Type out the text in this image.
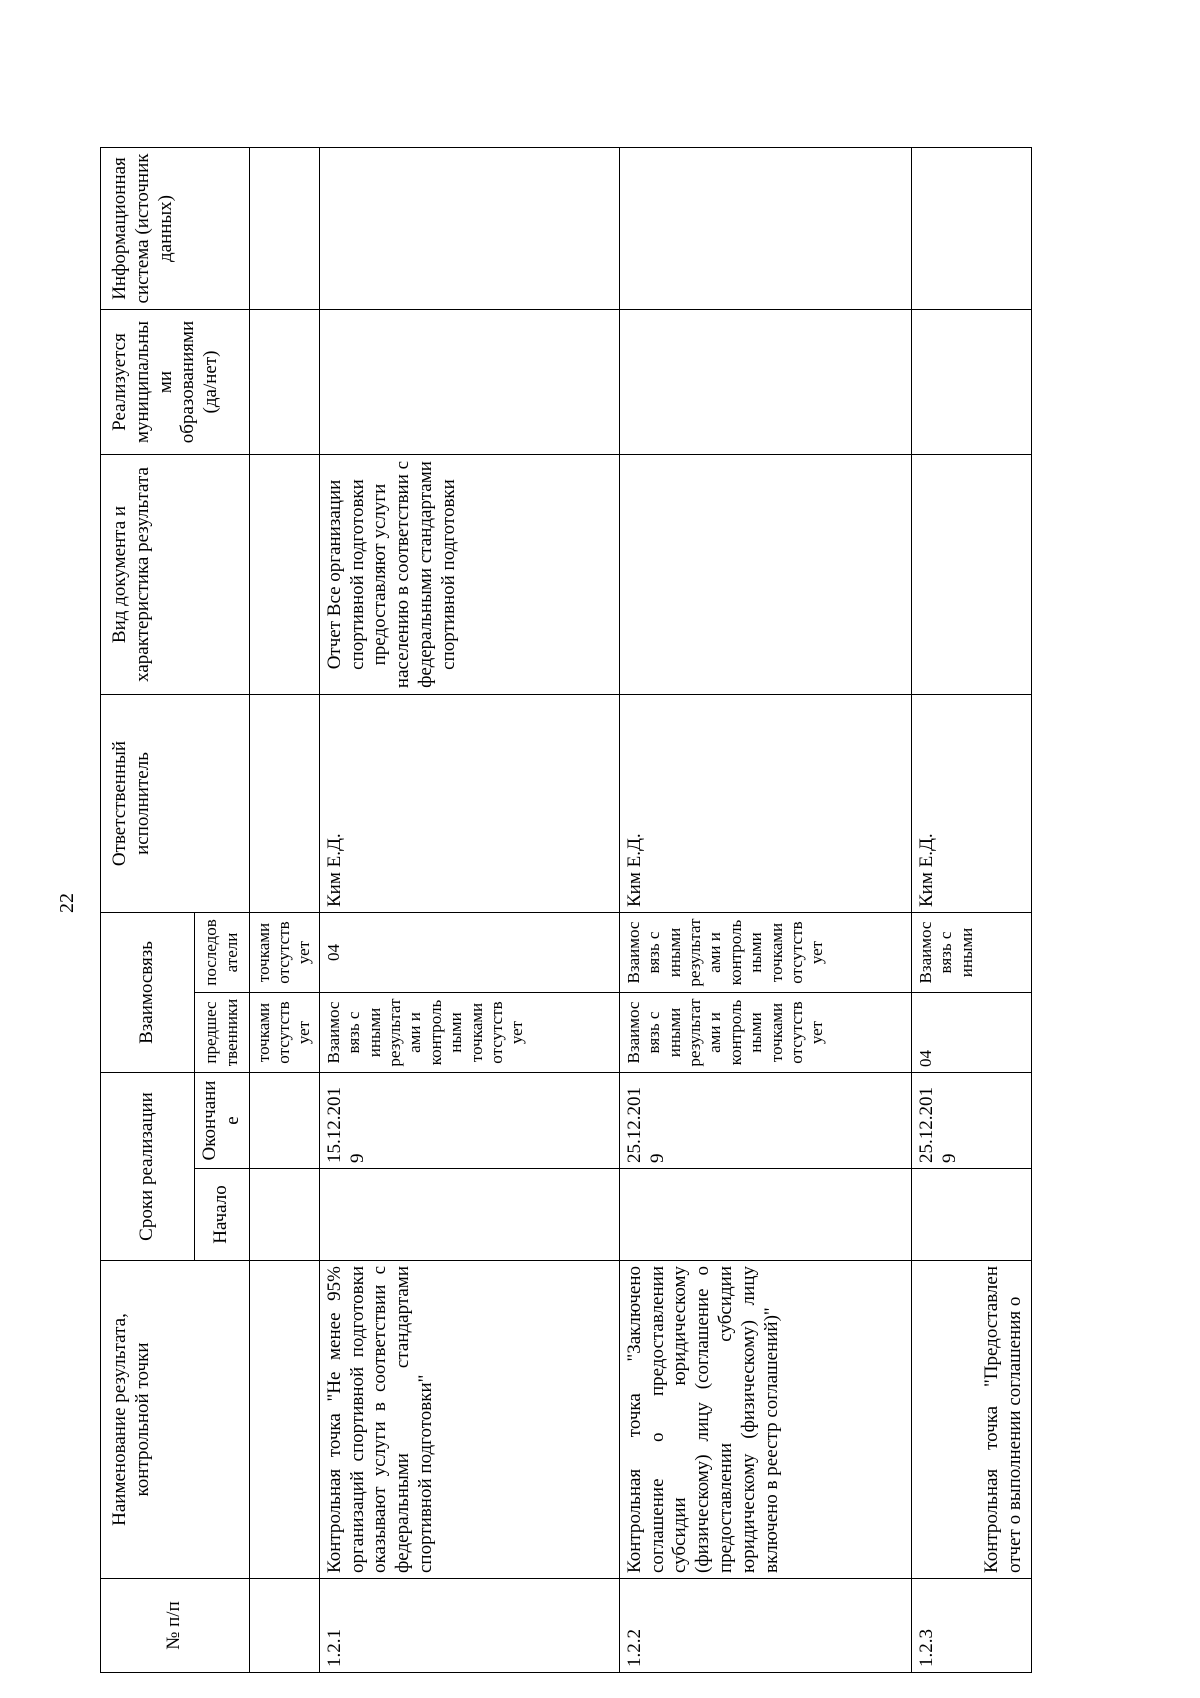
22
№ п/п	Наименование результата, контрольной точки	Сроки реализации		Взаимосвязь		Ответственный исполнитель	Вид документа и характеристика результата	Реализуется муниципальными образованиями (да/нет)	Информационная система (источник данных)
		Начало	Окончание	предшественники	последователи				
				точками отсутствует	точками отсутствует				
1.2.1	Контрольная точка "Не менее 95% организаций спортивной подготовки оказывают услуги в соответствии с федеральными стандартами спортивной подготовки"		15.12.2019	Взаимосвязь с иными результатами и контрольными точками отсутствует	04	Ким Е.Д.	Отчет Все организации спортивной подготовки предоставляют услуги населению в соответствии с федеральными стандартами спортивной подготовки		
1.2.2	Контрольная точка "Заключено соглашение о предоставлении субсидии юридическому (физическому) лицу (соглашение о предоставлении субсидии юридическому (физическому) лицу включено в реестр соглашений)"		25.12.2019	Взаимосвязь с иными результатами и контрольными точками отсутствует	Взаимосвязь с иными результатами и контрольными точками отсутствует	Ким Е.Д.			
1.2.3	Контрольная точка "Предоставлен отчет о выполнении соглашения о		25.12.2019	04	Взаимосвязь с иными	Ким Е.Д.			
